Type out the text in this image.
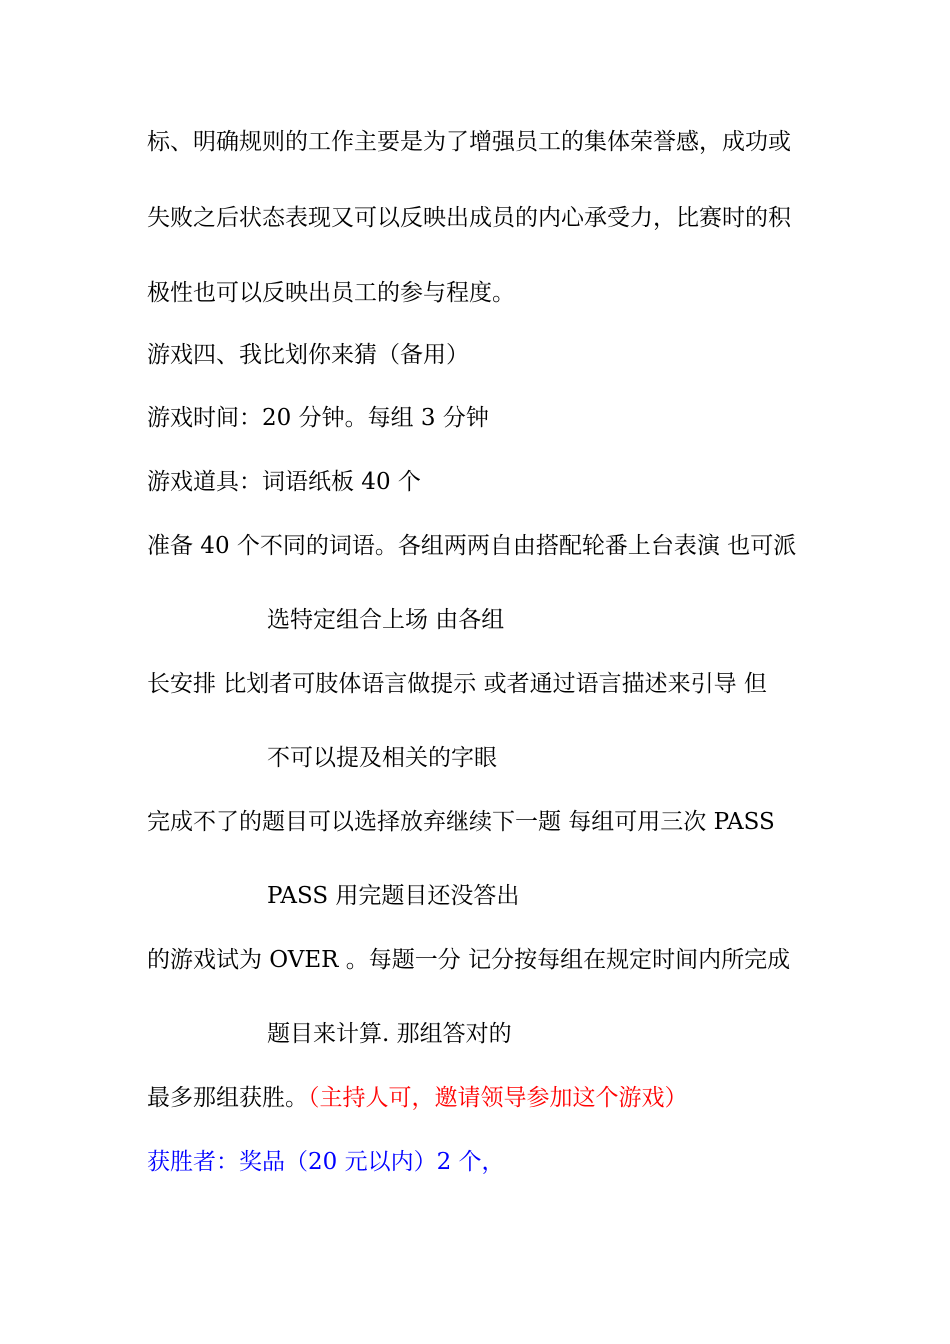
标、明确规则的工作主要是为了增强员工的集体荣誉感，成功或
失败之后状态表现又可以反映出成员的内心承受力，比赛时的积
极性也可以反映出员工的参与程度。
游戏四、我比划你来猜（备用）
游戏时间：20 分钟。每组 3 分钟
游戏道具：词语纸板 40 个
准备 40 个不同的词语。各组两两自由搭配轮番上台表演 也可派
选特定组合上场 由各组
长安排 比划者可肢体语言做提示 或者通过语言描述来引导 但
不可以提及相关的字眼
完成不了的题目可以选择放弃继续下一题 每组可用三次 PASS
PASS 用完题目还没答出
的游戏试为 OVER 。每题一分 记分按每组在规定时间内所完成
题目来计算. 那组答对的
最多那组获胜。（主持人可，邀请领导参加这个游戏）
获胜者：奖品（20 元以内）2 个，
